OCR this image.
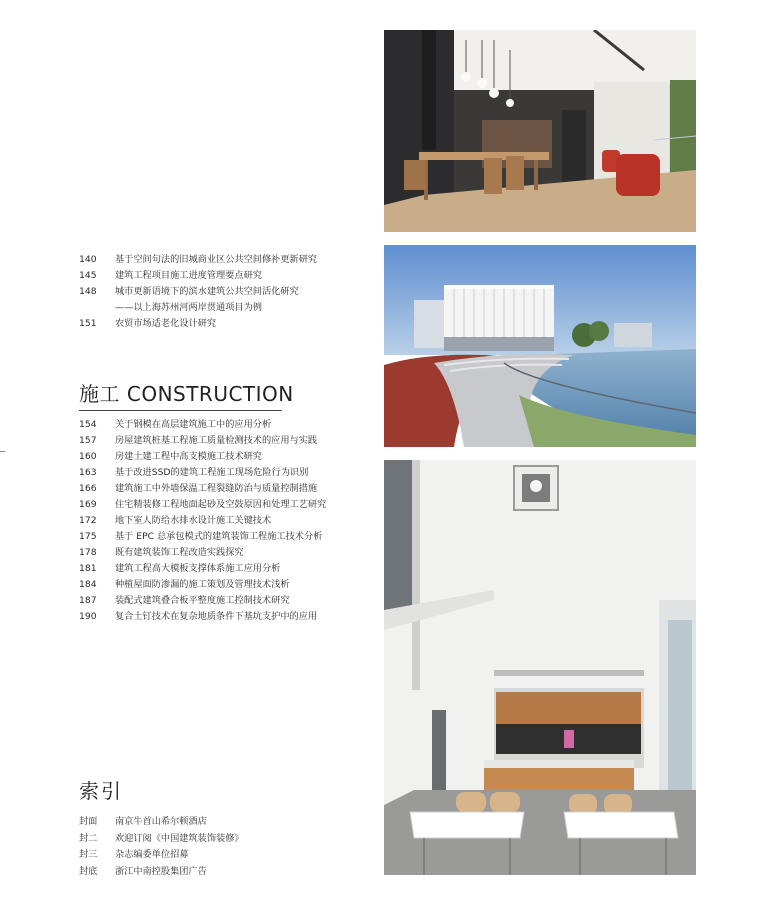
140	基于空间句法的旧城商业区公共空间修补更新研究
145	建筑工程项目施工进度管理要点研究
148	城市更新语境下的滨水建筑公共空间活化研究
——以上海苏州河两岸贯通项目为例
151	农贸市场适老化设计研究
施工 CONSTRUCTION
154	关于钢模在高层建筑施工中的应用分析
157	房屋建筑桩基工程施工质量检测技术的应用与实践
160	房建土建工程中高支模施工技术研究
163	基于改进SSD的建筑工程施工现场危险行为识别
166	建筑施工中外墙保温工程裂缝防治与质量控制措施
169	住宅精装修工程地面起砂及空鼓原因和处理工艺研究
172	地下室人防给水排水设计施工关键技术
175	基于 EPC 总承包模式的建筑装饰工程施工技术分析
178	既有建筑装饰工程改造实践探究
181	建筑工程高大模板支撑体系施工应用分析
184	种植屋面防渗漏的施工策划及管理技术浅析
187	装配式建筑叠合板平整度施工控制技术研究
190	复合土钉技术在复杂地质条件下基坑支护中的应用
索引
封面	南京牛首山希尔顿酒店
封二	欢迎订阅《中国建筑装饰装修》
封三	杂志编委单位招募
封底	浙江中南控股集团广告
